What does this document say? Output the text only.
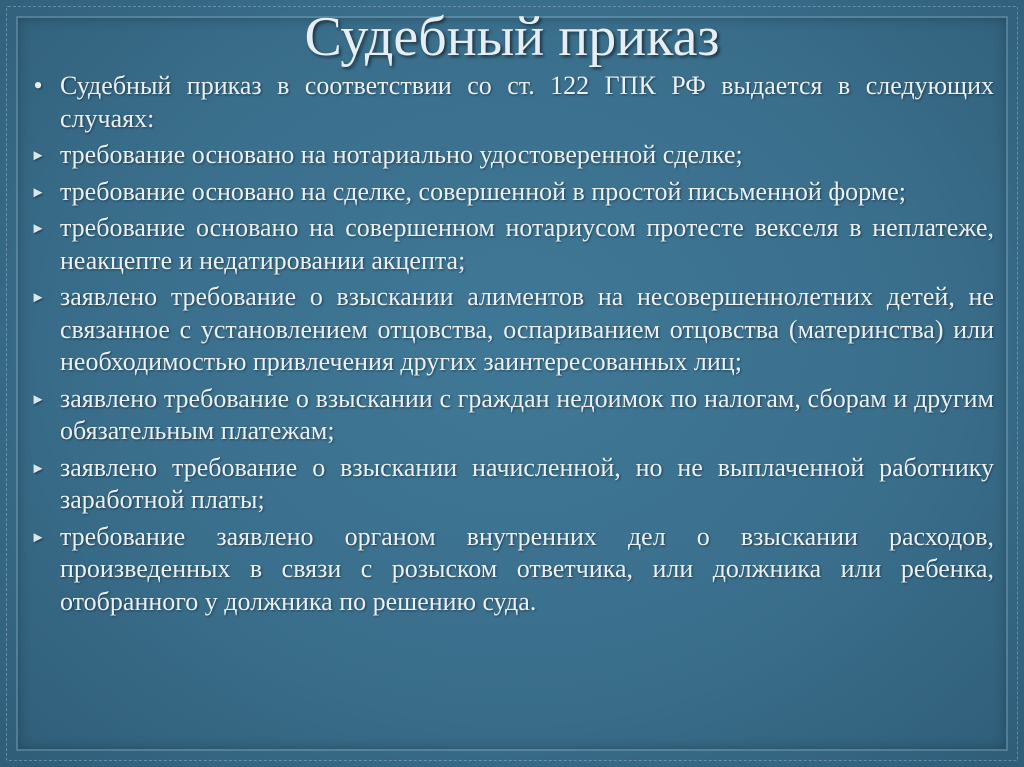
Судебный приказ
• Судебный приказ в соответствии со ст. 122 ГПК РФ выдается в следующих случаях:
► требование основано на нотариально удостоверенной сделке;
► требование основано на сделке, совершенной в простой письменной форме;
► требование основано на совершенном нотариусом протесте векселя в неплатеже, неакцепте и недатировании акцепта;
► заявлено требование о взыскании алиментов на несовершеннолетних детей, не связанное с установлением отцовства, оспариванием отцовства (материнства) или необходимостью привлечения других заинтересованных лиц;
► заявлено требование о взыскании с граждан недоимок по налогам, сборам и другим обязательным платежам;
► заявлено требование о взыскании начисленной, но не выплаченной работнику заработной платы;
► требование заявлено органом внутренних дел о взыскании расходов, произведенных в связи с розыском ответчика, или должника или ребенка, отобранного у должника по решению суда.
